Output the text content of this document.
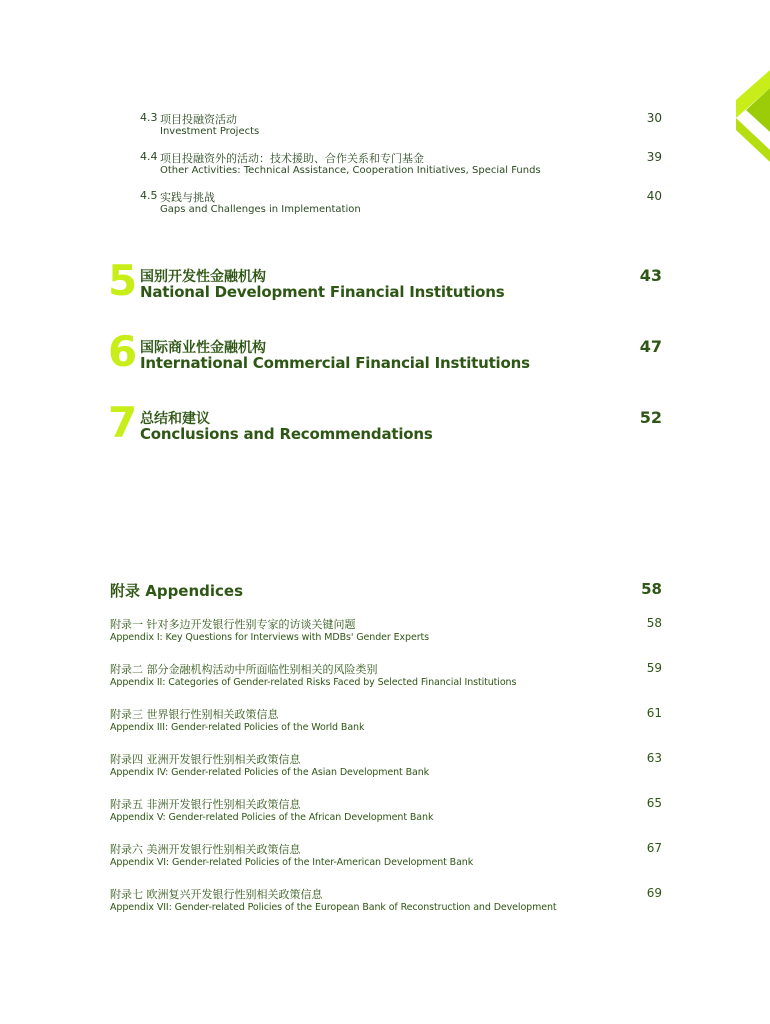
4.3 项目投融资活动
Investment Projects
30
4.4 项目投融资外的活动：技术援助、合作关系和专门基金
Other Activities: Technical Assistance, Cooperation Initiatives, Special Funds
39
4.5 实践与挑战
Gaps and Challenges in Implementation
40
5 国别开发性金融机构
National Development Financial Institutions
43
6 国际商业性金融机构
International Commercial Financial Institutions
47
7 总结和建议
Conclusions and Recommendations
52
附录 Appendices	58
附录一 针对多边开发银行性别专家的访谈关键问题
Appendix I: Key Questions for Interviews with MDBs' Gender Experts
58
附录二 部分金融机构活动中所面临性别相关的风险类别
Appendix II: Categories of Gender-related Risks Faced by Selected Financial Institutions
59
附录三 世界银行性别相关政策信息
Appendix III: Gender-related Policies of the World Bank
61
附录四 亚洲开发银行性别相关政策信息
Appendix IV: Gender-related Policies of the Asian Development Bank
63
附录五 非洲开发银行性别相关政策信息
Appendix V: Gender-related Policies of the African Development Bank
65
附录六 美洲开发银行性别相关政策信息
Appendix VI: Gender-related Policies of the Inter-American Development Bank
67
附录七 欧洲复兴开发银行性别相关政策信息
Appendix VII: Gender-related Policies of the European Bank of Reconstruction and Development
69
